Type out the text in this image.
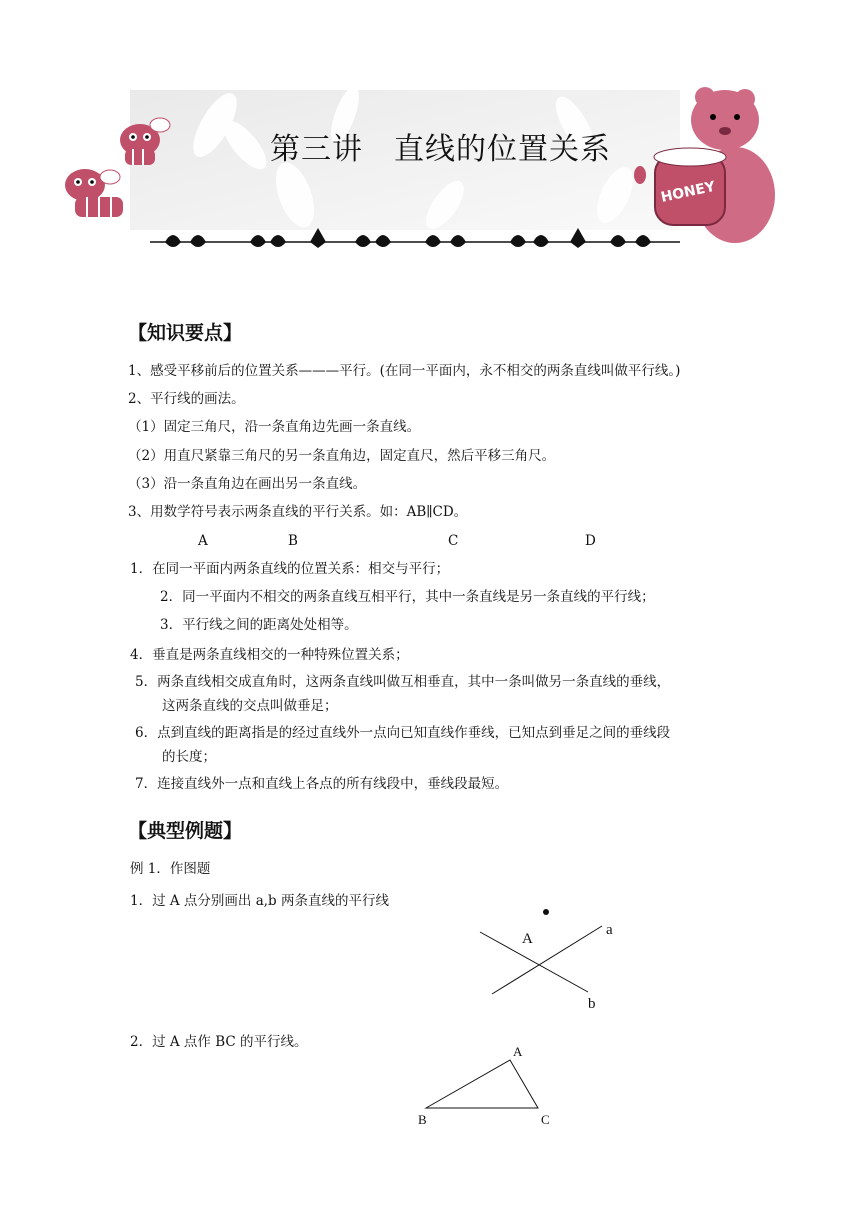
HONEY
第三讲　直线的位置关系
【知识要点】
1、感受平移前后的位置关系———平行。(在同一平面内，永不相交的两条直线叫做平行线。)
2、平行线的画法。
（1）固定三角尺，沿一条直角边先画一条直线。
（2）用直尺紧靠三角尺的另一条直角边，固定直尺，然后平移三角尺。
（3）沿一条直角边在画出另一条直线。
3、用数学符号表示两条直线的平行关系。如：AB∥CD。
A	B	C	D
1．在同一平面内两条直线的位置关系：相交与平行；
2．同一平面内不相交的两条直线互相平行，其中一条直线是另一条直线的平行线；
3．平行线之间的距离处处相等。
4．垂直是两条直线相交的一种特殊位置关系；
5．两条直线相交成直角时，这两条直线叫做互相垂直，其中一条叫做另一条直线的垂线，
这两条直线的交点叫做垂足；
6．点到直线的距离指是的经过直线外一点向已知直线作垂线，已知点到垂足之间的垂线段
的长度；
7．连接直线外一点和直线上各点的所有线段中，垂线段最短。
【典型例题】
例 1．作图题
1．过 A 点分别画出 a,b 两条直线的平行线
A
a
b
2．过 A 点作 BC 的平行线。
A
B	C
